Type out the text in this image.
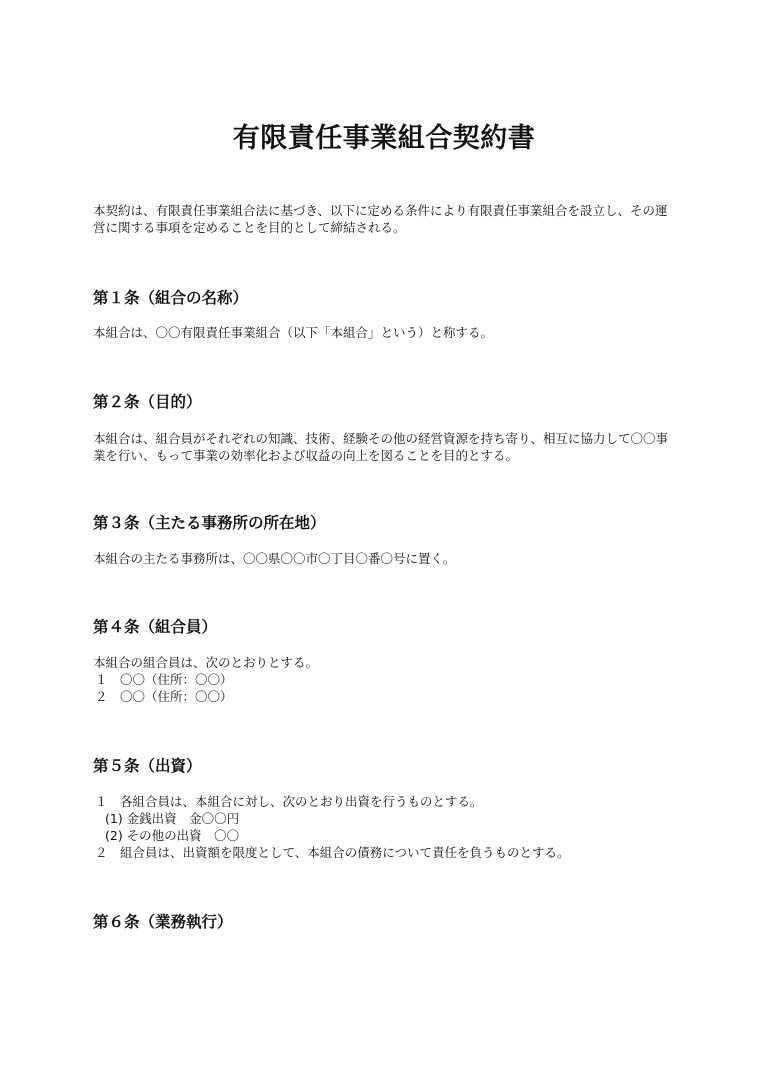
有限責任事業組合契約書

本契約は、有限責任事業組合法に基づき、以下に定める条件により有限責任事業組合を設立し、その運営に関する事項を定めることを目的として締結される。

第１条（組合の名称）

本組合は、〇〇有限責任事業組合（以下「本組合」という）と称する。

第２条（目的）

本組合は、組合員がそれぞれの知識、技術、経験その他の経営資源を持ち寄り、相互に協力して〇〇事業を行い、もって事業の効率化および収益の向上を図ることを目的とする。

第３条（主たる事務所の所在地）

本組合の主たる事務所は、〇〇県〇〇市〇丁目〇番〇号に置く。

第４条（組合員）

本組合の組合員は、次のとおりとする。

１　〇〇（住所：〇〇）

２　〇〇（住所：〇〇）

第５条（出資）

１　各組合員は、本組合に対し、次のとおり出資を行うものとする。

(1) 金銭出資　金〇〇円

(2) その他の出資　〇〇

２　組合員は、出資額を限度として、本組合の債務について責任を負うものとする。

第６条（業務執行）
